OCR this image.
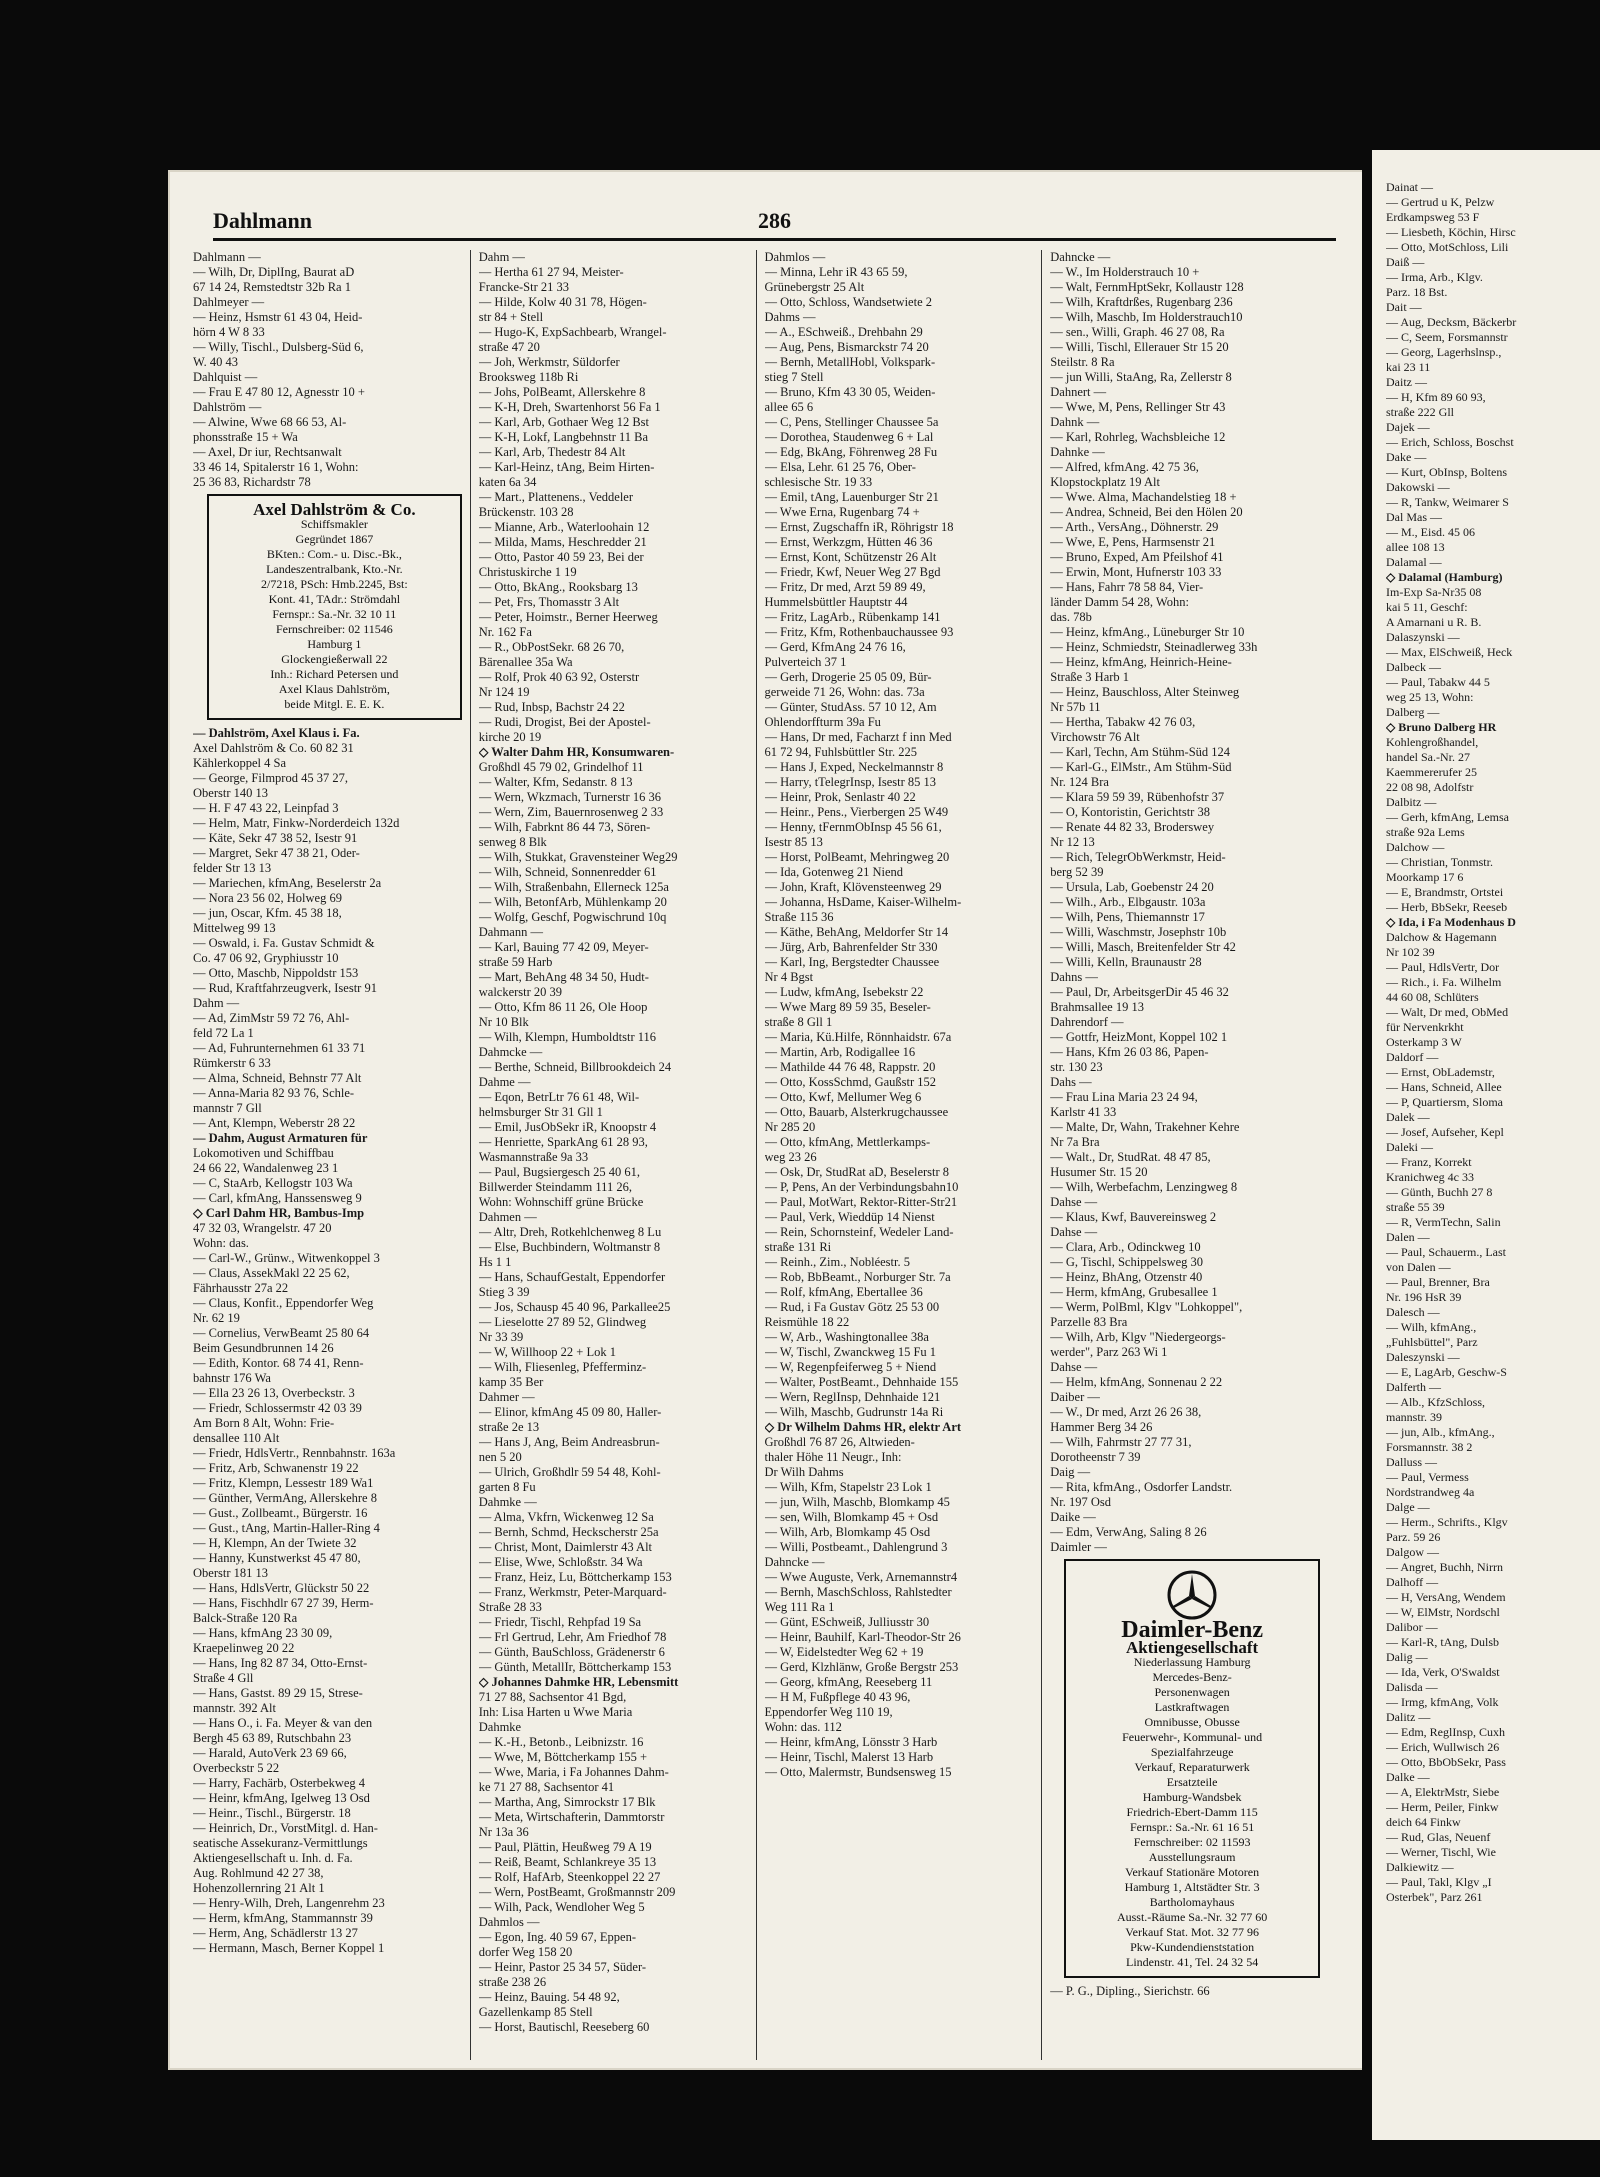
Dahlmann	286
Dahlmann —
— Wilh, Dr, DiplIng, Baurat aD
67 14 24, Remstedtstr 32b Ra 1
Dahlmeyer —
— Heinz, Hsmstr 61 43 04, Heid-
hörn 4 W 8 33
— Willy, Tischl., Dulsberg-Süd 6,
W. 40 43
Dahlquist —
— Frau E 47 80 12, Agnesstr 10 +
Dahlström —
— Alwine, Wwe 68 66 53, Al-
phonsstraße 15 + Wa
— Axel, Dr iur, Rechtsanwalt
33 46 14, Spitalerstr 16 1, Wohn:
25 36 83, Richardstr 78
Axel Dahlström & Co.
Schiffsmakler
Gegründet 1867
BKten.: Com.- u. Disc.-Bk.,
Landeszentralbank, Kto.-Nr.
2/7218, PSch: Hmb.2245, Bst:
Kont. 41, TAdr.: Strömdahl
Fernspr.: Sa.-Nr. 32 10 11
Fernschreiber: 02 11546
Hamburg 1
Glockengießerwall 22
Inh.: Richard Petersen und
Axel Klaus Dahlström,
beide Mitgl. E. E. K.
— Dahlström, Axel Klaus i. Fa.
Axel Dahlström & Co. 60 82 31
Kählerkoppel 4 Sa
— George, Filmprod 45 37 27,
Oberstr 140 13
— H. F 47 43 22, Leinpfad 3
— Helm, Matr, Finkw-Norderdeich 132d
— Käte, Sekr 47 38 52, Isestr 91
— Margret, Sekr 47 38 21, Oder-
felder Str 13 13
— Mariechen, kfmAng, Beselerstr 2a
— Nora 23 56 02, Holweg 69
— jun, Oscar, Kfm. 45 38 18,
Mittelweg 99 13
— Oswald, i. Fa. Gustav Schmidt &
Co. 47 06 92, Gryphiusstr 10
— Otto, Maschb, Nippoldstr 153
— Rud, Kraftfahrzeugverk, Isestr 91
Dahm —
— Ad, ZimMstr 59 72 76, Ahl-
feld 72 La 1
— Ad, Fuhrunternehmen 61 33 71
Rümkerstr 6 33
— Alma, Schneid, Behnstr 77 Alt
— Anna-Maria 82 93 76, Schle-
mannstr 7 Gll
— Ant, Klempn, Weberstr 28 22
— Dahm, August Armaturen für
Lokomotiven und Schiffbau
24 66 22, Wandalenweg 23 1
— C, StaArb, Kellogstr 103 Wa
— Carl, kfmAng, Hanssensweg 9
◇ Carl Dahm HR, Bambus-Imp
47 32 03, Wrangelstr. 47 20
Wohn: das.
— Carl-W., Grünw., Witwenkoppel 3
— Claus, AssekMakl 22 25 62,
Fährhausstr 27a 22
— Claus, Konfit., Eppendorfer Weg
Nr. 62 19
— Cornelius, VerwBeamt 25 80 64
Beim Gesundbrunnen 14 26
— Edith, Kontor. 68 74 41, Renn-
bahnstr 176 Wa
— Ella 23 26 13, Overbeckstr. 3
— Friedr, Schlossermstr 42 03 39
Am Born 8 Alt, Wohn: Frie-
densallee 110 Alt
— Friedr, HdlsVertr., Rennbahnstr. 163a
— Fritz, Arb, Schwanenstr 19 22
— Fritz, Klempn, Lessestr 189 Wa1
— Günther, VermAng, Allerskehre 8
— Gust., Zollbeamt., Bürgerstr. 16
— Gust., tAng, Martin-Haller-Ring 4
— H, Klempn, An der Twiete 32
— Hanny, Kunstwerkst 45 47 80,
Oberstr 181 13
— Hans, HdlsVertr, Glückstr 50 22
— Hans, Fischhdlr 67 27 39, Herm-
Balck-Straße 120 Ra
— Hans, kfmAng 23 30 09,
Kraepelinweg 20 22
— Hans, Ing 82 87 34, Otto-Ernst-
Straße 4 Gll
— Hans, Gastst. 89 29 15, Strese-
mannstr. 392 Alt
— Hans O., i. Fa. Meyer & van den
Bergh 45 63 89, Rutschbahn 23
— Harald, AutoVerk 23 69 66,
Overbeckstr 5 22
— Harry, Fachärb, Osterbekweg 4
— Heinr, kfmAng, Igelweg 13 Osd
— Heinr., Tischl., Bürgerstr. 18
— Heinrich, Dr., VorstMitgl. d. Han-
seatische Assekuranz-Vermittlungs
Aktiengesellschaft u. Inh. d. Fa.
Aug. Rohlmund 42 27 38,
Hohenzollernring 21 Alt 1
— Henry-Wilh, Dreh, Langenrehm 23
— Herm, kfmAng, Stammannstr 39
— Herm, Ang, Schädlerstr 13 27
— Hermann, Masch, Berner Koppel 1
Dahm —
— Hertha 61 27 94, Meister-
Francke-Str 21 33
— Hilde, Kolw 40 31 78, Högen-
str 84 + Stell
— Hugo-K, ExpSachbearb, Wrangel-
straße 47 20
— Joh, Werkmstr, Süldorfer
Brooksweg 118b Ri
— Johs, PolBeamt, Allerskehre 8
— K-H, Dreh, Swartenhorst 56 Fa 1
— Karl, Arb, Gothaer Weg 12 Bst
— K-H, Lokf, Langbehnstr 11 Ba
— Karl, Arb, Thedestr 84 Alt
— Karl-Heinz, tAng, Beim Hirten-
katen 6a 34
— Mart., Plattenens., Veddeler
Brückenstr. 103 28
— Mianne, Arb., Waterloohain 12
— Milda, Mams, Heschredder 21
— Otto, Pastor 40 59 23, Bei der
Christuskirche 1 19
— Otto, BkAng., Rooksbarg 13
— Pet, Frs, Thomasstr 3 Alt
— Peter, Hoimstr., Berner Heerweg
Nr. 162 Fa
— R., ObPostSekr. 68 26 70,
Bärenallee 35a Wa
— Rolf, Prok 40 63 92, Osterstr
Nr 124 19
— Rud, Inbsp, Bachstr 24 22
— Rudi, Drogist, Bei der Apostel-
kirche 20 19
◇ Walter Dahm HR, Konsumwaren-
Großhdl 45 79 02, Grindelhof 11
— Walter, Kfm, Sedanstr. 8 13
— Wern, Wkzmach, Turnerstr 16 36
— Wern, Zim, Bauernrosenweg 2 33
— Wilh, Fabrknt 86 44 73, Sören-
senweg 8 Blk
— Wilh, Stukkat, Gravensteiner Weg29
— Wilh, Schneid, Sonnenredder 61
— Wilh, Straßenbahn, Ellerneck 125a
— Wilh, BetonfArb, Mühlenkamp 20
— Wolfg, Geschf, Pogwischrund 10q
Dahmann —
— Karl, Bauing 77 42 09, Meyer-
straße 59 Harb
— Mart, BehAng 48 34 50, Hudt-
walckerstr 20 39
— Otto, Kfm 86 11 26, Ole Hoop
Nr 10 Blk
— Wilh, Klempn, Humboldtstr 116
Dahmcke —
— Berthe, Schneid, Billbrookdeich 24
Dahme —
— Eqon, BetrLtr 76 61 48, Wil-
helmsburger Str 31 Gll 1
— Emil, JusObSekr iR, Knoopstr 4
— Henriette, SparkAng 61 28 93,
Wasmannstraße 9a 33
— Paul, Bugsiergesch 25 40 61,
Billwerder Steindamm 111 26,
Wohn: Wohnschiff grüne Brücke
Dahmen —
— Altr, Dreh, Rotkehlchenweg 8 Lu
— Else, Buchbindern, Woltmanstr 8
Hs 1 1
— Hans, SchaufGestalt, Eppendorfer
Stieg 3 39
— Jos, Schausp 45 40 96, Parkallee25
— Lieselotte 27 89 52, Glindweg
Nr 33 39
— W, Willhoop 22 + Lok 1
— Wilh, Fliesenleg, Pfefferminz-
kamp 35 Ber
Dahmer —
— Elinor, kfmAng 45 09 80, Haller-
straße 2e 13
— Hans J, Ang, Beim Andreasbrun-
nen 5 20
— Ulrich, Großhdlr 59 54 48, Kohl-
garten 8 Fu
Dahmke —
— Alma, Vkfrn, Wickenweg 12 Sa
— Bernh, Schmd, Heckscherstr 25a
— Christ, Mont, Daimlerstr 43 Alt
— Elise, Wwe, Schloßstr. 34 Wa
— Franz, Heiz, Lu, Böttcherkamp 153
— Franz, Werkmstr, Peter-Marquard-
Straße 28 33
— Friedr, Tischl, Rehpfad 19 Sa
— Frl Gertrud, Lehr, Am Friedhof 78
— Günth, BauSchloss, Grädenerstr 6
— Günth, MetallIr, Böttcherkamp 153
◇ Johannes Dahmke HR, Lebensmitt
71 27 88, Sachsentor 41 Bgd,
Inh: Lisa Harten u Wwe Maria
Dahmke
— K.-H., Betonb., Leibnizstr. 16
— Wwe, M, Böttcherkamp 155 +
— Wwe, Maria, i Fa Johannes Dahm-
ke 71 27 88, Sachsentor 41
— Martha, Ang, Simrockstr 17 Blk
— Meta, Wirtschafterin, Dammtorstr
Nr 13a 36
— Paul, Plättin, Heußweg 79 A 19
— Reiß, Beamt, Schlankreye 35 13
— Rolf, HafArb, Steenkoppel 22 27
— Wern, PostBeamt, Großmannstr 209
— Wilh, Pack, Wendloher Weg 5
Dahmlos —
— Egon, Ing. 40 59 67, Eppen-
dorfer Weg 158 20
— Heinr, Pastor 25 34 57, Süder-
straße 238 26
— Heinz, Bauing. 54 48 92,
Gazellenkamp 85 Stell
— Horst, Bautischl, Reeseberg 60
Dahmlos —
— Minna, Lehr iR 43 65 59,
Grünebergstr 25 Alt
— Otto, Schloss, Wandsetwiete 2
Dahms —
— A., ESchweiß., Drehbahn 29
— Aug, Pens, Bismarckstr 74 20
— Bernh, MetallHobl, Volkspark-
stieg 7 Stell
— Bruno, Kfm 43 30 05, Weiden-
allee 65 6
— C, Pens, Stellinger Chaussee 5a
— Dorothea, Staudenweg 6 + Lal
— Edg, BkAng, Föhrenweg 28 Fu
— Elsa, Lehr. 61 25 76, Ober-
schlesische Str. 19 33
— Emil, tAng, Lauenburger Str 21
— Wwe Erna, Rugenbarg 74 +
— Ernst, Zugschaffn iR, Röhrigstr 18
— Ernst, Werkzgm, Hütten 46 36
— Ernst, Kont, Schützenstr 26 Alt
— Friedr, Kwf, Neuer Weg 27 Bgd
— Fritz, Dr med, Arzt 59 89 49,
Hummelsbüttler Hauptstr 44
— Fritz, LagArb., Rübenkamp 141
— Fritz, Kfm, Rothenbauchaussee 93
— Gerd, KfmAng 24 76 16,
Pulverteich 37 1
— Gerh, Drogerie 25 05 09, Bür-
gerweide 71 26, Wohn: das. 73a
— Günter, StudAss. 57 10 12, Am
Ohlendorffturm 39a Fu
— Hans, Dr med, Facharzt f inn Med
61 72 94, Fuhlsbüttler Str. 225
— Hans J, Exped, Neckelmannstr 8
— Harry, tTelegrInsp, Isestr 85 13
— Heinr, Prok, Senlastr 40 22
— Heinr., Pens., Vierbergen 25 W49
— Henny, tFernmObInsp 45 56 61,
Isestr 85 13
— Horst, PolBeamt, Mehringweg 20
— Ida, Gotenweg 21 Niend
— John, Kraft, Klövensteenweg 29
— Johanna, HsDame, Kaiser-Wilhelm-
Straße 115 36
— Käthe, BehAng, Meldorfer Str 14
— Jürg, Arb, Bahrenfelder Str 330
— Karl, Ing, Bergstedter Chaussee
Nr 4 Bgst
— Ludw, kfmAng, Isebekstr 22
— Wwe Marg 89 59 35, Beseler-
straße 8 Gll 1
— Maria, Kü.Hilfe, Rönnhaidstr. 67a
— Martin, Arb, Rodigallee 16
— Mathilde 44 76 48, Rappstr. 20
— Otto, KossSchmd, Gaußstr 152
— Otto, Kwf, Mellumer Weg 6
— Otto, Bauarb, Alsterkrugchaussee
Nr 285 20
— Otto, kfmAng, Mettlerkamps-
weg 23 26
— Osk, Dr, StudRat aD, Beselerstr 8
— P, Pens, An der Verbindungsbahn10
— Paul, MotWart, Rektor-Ritter-Str21
— Paul, Verk, Wieddüp 14 Nienst
— Rein, Schornsteinf, Wedeler Land-
straße 131 Ri
— Reinh., Zim., Nobléestr. 5
— Rob, BbBeamt., Norburger Str. 7a
— Rolf, kfmAng, Ebertallee 36
— Rud, i Fa Gustav Götz 25 53 00
Reismühle 18 22
— W, Arb., Washingtonallee 38a
— W, Tischl, Zwanckweg 15 Fu 1
— W, Regenpfeiferweg 5 + Niend
— Walter, PostBeamt., Dehnhaide 155
— Wern, ReglInsp, Dehnhaide 121
— Wilh, Maschb, Gudrunstr 14a Ri
◇ Dr Wilhelm Dahms HR, elektr Art
Großhdl 76 87 26, Altwieden-
thaler Höhe 11 Neugr., Inh:
Dr Wilh Dahms
— Wilh, Kfm, Stapelstr 23 Lok 1
— jun, Wilh, Maschb, Blomkamp 45
— sen, Wilh, Blomkamp 45 + Osd
— Wilh, Arb, Blomkamp 45 Osd
— Willi, Postbeamt., Dahlengrund 3
Dahncke —
— Wwe Auguste, Verk, Arnemannstr4
— Bernh, MaschSchloss, Rahlstedter
Weg 111 Ra 1
— Günt, ESchweiß, Julliusstr 30
— Heinr, Bauhilf, Karl-Theodor-Str 26
— W, Eidelstedter Weg 62 + 19
— Gerd, Klzhlänw, Große Bergstr 253
— Georg, kfmAng, Reeseberg 11
— H M, Fußpflege 40 43 96,
Eppendorfer Weg 110 19,
Wohn: das. 112
— Heinr, kfmAng, Lönsstr 3 Harb
— Heinr, Tischl, Malerst 13 Harb
— Otto, Malermstr, Bundsensweg 15
Dahncke —
— W., Im Holderstrauch 10 +
— Walt, FernmHptSekr, Kollaustr 128
— Wilh, Kraftdrßes, Rugenbarg 236
— Wilh, Maschb, Im Holderstrauch10
— sen., Willi, Graph. 46 27 08, Ra
— Willi, Tischl, Ellerauer Str 15 20
Steilstr. 8 Ra
— jun Willi, StaAng, Ra, Zellerstr 8
Dahnert —
— Wwe, M, Pens, Rellinger Str 43
Dahnk —
— Karl, Rohrleg, Wachsbleiche 12
Dahnke —
— Alfred, kfmAng. 42 75 36,
Klopstockplatz 19 Alt
— Wwe. Alma, Machandelstieg 18 +
— Andrea, Schneid, Bei den Hölen 20
— Arth., VersAng., Döhnerstr. 29
— Wwe, E, Pens, Harmsenstr 21
— Bruno, Exped, Am Pfeilshof 41
— Erwin, Mont, Hufnerstr 103 33
— Hans, Fahrr 78 58 84, Vier-
länder Damm 54 28, Wohn:
das. 78b
— Heinz, kfmAng., Lüneburger Str 10
— Heinz, Schmiedstr, Steinadlerweg 33h
— Heinz, kfmAng, Heinrich-Heine-
Straße 3 Harb 1
— Heinz, Bauschloss, Alter Steinweg
Nr 57b 11
— Hertha, Tabakw 42 76 03,
Virchowstr 76 Alt
— Karl, Techn, Am Stühm-Süd 124
— Karl-G., ElMstr., Am Stühm-Süd
Nr. 124 Bra
— Klara 59 59 39, Rübenhofstr 37
— O, Kontoristin, Gerichtstr 38
— Renate 44 82 33, Broderswey
Nr 12 13
— Rich, TelegrObWerkmstr, Heid-
berg 52 39
— Ursula, Lab, Goebenstr 24 20
— Wilh., Arb., Elbgaustr. 103a
— Wilh, Pens, Thiemannstr 17
— Willi, Waschmstr, Josephstr 10b
— Willi, Masch, Breitenfelder Str 42
— Willi, Kelln, Braunaustr 28
Dahns —
— Paul, Dr, ArbeitsgerDir 45 46 32
Brahmsallee 19 13
Dahrendorf —
— Gottfr, HeizMont, Koppel 102 1
— Hans, Kfm 26 03 86, Papen-
str. 130 23
Dahs —
— Frau Lina Maria 23 24 94,
Karlstr 41 33
— Malte, Dr, Wahn, Trakehner Kehre
Nr 7a Bra
— Walt., Dr, StudRat. 48 47 85,
Husumer Str. 15 20
— Wilh, Werbefachm, Lenzingweg 8
Dahse —
— Klaus, Kwf, Bauvereinsweg 2
Dahse —
— Clara, Arb., Odinckweg 10
— G, Tischl, Schippelsweg 30
— Heinz, BhAng, Otzenstr 40
— Herm, kfmAng, Grubesallee 1
— Werm, PolBml, Klgv "Lohkoppel",
Parzelle 83 Bra
— Wilh, Arb, Klgv "Niedergeorgs-
werder", Parz 263 Wi 1
Dahse —
— Helm, kfmAng, Sonnenau 2 22
Daiber —
— W., Dr med, Arzt 26 26 38,
Hammer Berg 34 26
— Wilh, Fahrmstr 27 77 31,
Dorotheenstr 7 39
Daig —
— Rita, kfmAng., Osdorfer Landstr.
Nr. 197 Osd
Daike —
— Edm, VerwAng, Saling 8 26
Daimler —
Daimler-Benz
Aktiengesellschaft
Niederlassung Hamburg
Mercedes-Benz-
Personenwagen
Lastkraftwagen
Omnibusse, Obusse
Feuerwehr-, Kommunal- und
Spezialfahrzeuge
Verkauf, Reparaturwerk
Ersatzteile
Hamburg-Wandsbek
Friedrich-Ebert-Damm 115
Fernspr.: Sa.-Nr. 61 16 51
Fernschreiber: 02 11593
Ausstellungsraum
Verkauf Stationäre Motoren
Hamburg 1, Altstädter Str. 3
Bartholomayhaus
Ausst.-Räume Sa.-Nr. 32 77 60
Verkauf Stat. Mot. 32 77 96
Pkw-Kundendienststation
Lindenstr. 41, Tel. 24 32 54
— P. G., Dipling., Sierichstr. 66
Dainat —
— Gertrud u K, Pelzw
Erdkampsweg 53 F
— Liesbeth, Köchin, Hirsc
— Otto, MotSchloss, Lili
Daiß —
— Irma, Arb., Klgv.
Parz. 18 Bst.
Dait —
— Aug, Decksm, Bäckerbr
— C, Seem, Forsmannstr
— Georg, Lagerhslnsp.,
kai 23 11
Daitz —
— H, Kfm 89 60 93,
straße 222 Gll
Dajek —
— Erich, Schloss, Boschst
Dake —
— Kurt, ObInsp, Boltens
Dakowski —
— R, Tankw, Weimarer S
Dal Mas —
— M., Eisd. 45 06
allee 108 13
Dalamal —
◇ Dalamal (Hamburg)
Im-Exp Sa-Nr35 08
kai 5 11, Geschf:
A Amarnani u R. B.
Dalaszynski —
— Max, ElSchweiß, Heck
Dalbeck —
— Paul, Tabakw 44 5
weg 25 13, Wohn:
Dalberg —
◇ Bruno Dalberg HR
Kohlengroßhandel,
handel Sa.-Nr. 27
Kaemmererufer 25
22 08 98, Adolfstr
Dalbitz —
— Gerh, kfmAng, Lemsa
straße 92a Lems
Dalchow —
— Christian, Tonmstr.
Moorkamp 17 6
— E, Brandmstr, Ortstei
— Herb, BbSekr, Reeseb
◇ Ida, i Fa Modenhaus D
Dalchow & Hagemann
Nr 102 39
— Paul, HdlsVertr, Dor
— Rich., i. Fa. Wilhelm
44 60 08, Schlüters
— Walt, Dr med, ObMed
für Nervenkrkht
Osterkamp 3 W
Daldorf —
— Ernst, ObLademstr,
— Hans, Schneid, Allee
— P, Quartiersm, Sloma
Dalek —
— Josef, Aufseher, Kepl
Daleki —
— Franz, Korrekt
Kranichweg 4c 33
— Günth, Buchh 27 8
straße 55 39
— R, VermTechn, Salin
Dalen —
— Paul, Schauerm., Last
von Dalen —
— Paul, Brenner, Bra
Nr. 196 HsR 39
Dalesch —
— Wilh, kfmAng.,
„Fuhlsbüttel", Parz
Daleszynski —
— E, LagArb, Geschw-S
Dalferth —
— Alb., KfzSchloss,
mannstr. 39
— jun, Alb., kfmAng.,
Forsmannstr. 38 2
Dalluss —
— Paul, Vermess
Nordstrandweg 4a
Dalge —
— Herm., Schrifts., Klgv
Parz. 59 26
Dalgow —
— Angret, Buchh, Nirrn
Dalhoff —
— H, VersAng, Wendem
— W, ElMstr, Nordschl
Dalibor —
— Karl-R, tAng, Dulsb
Dalig —
— Ida, Verk, O'Swaldst
Dalisda —
— Irmg, kfmAng, Volk
Dalitz —
— Edm, ReglInsp, Cuxh
— Erich, Wullwisch 26
— Otto, BbObSekr, Pass
Dalke —
— A, ElektrMstr, Siebe
— Herm, Peiler, Finkw
deich 64 Finkw
— Rud, Glas, Neuenf
— Werner, Tischl, Wie
Dalkiewitz —
— Paul, Takl, Klgv „I
Osterbek", Parz 261
